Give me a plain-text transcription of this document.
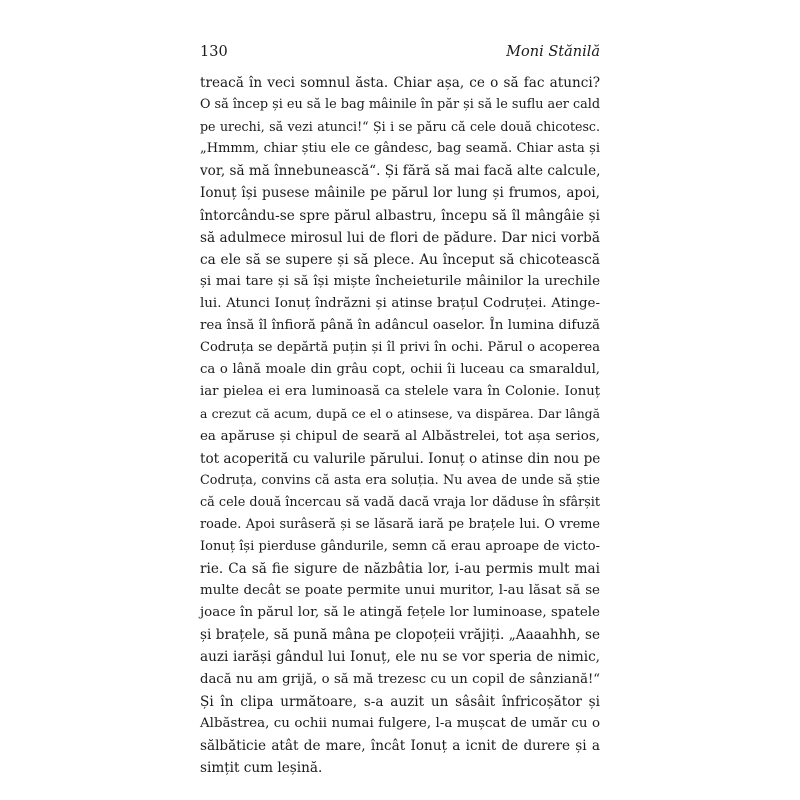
130	Moni Stănilă
treacă în veci somnul ăsta. Chiar așa, ce o să fac atunci?
O să încep și eu să le bag mâinile în păr și să le suflu aer cald
pe urechi, să vezi atunci!“ Și i se păru că cele două chicotesc.
„Hmmm, chiar știu ele ce gândesc, bag seamă. Chiar asta și
vor, să mă înnebunească“. Și fără să mai facă alte calcule,
Ionuț își pusese mâinile pe părul lor lung și frumos, apoi,
întorcându-se spre părul albastru, începu să îl mângâie și
să adulmece mirosul lui de flori de pădure. Dar nici vorbă
ca ele să se supere și să plece. Au început să chicotească
și mai tare și să își miște încheieturile mâinilor la urechile
lui. Atunci Ionuț îndrăzni și atinse brațul Codruței. Atinge-
rea însă îl înfioră până în adâncul oaselor. În lumina difuză
Codruța se depărtă puțin și îl privi în ochi. Părul o acoperea
ca o lână moale din grâu copt, ochii îi luceau ca smaraldul,
iar pielea ei era luminoasă ca stelele vara în Colonie. Ionuț
a crezut că acum, după ce el o atinsese, va dispărea. Dar lângă
ea apăruse și chipul de seară al Albăstrelei, tot așa serios,
tot acoperită cu valurile părului. Ionuț o atinse din nou pe
Codruța, convins că asta era soluția. Nu avea de unde să știe
că cele două încercau să vadă dacă vraja lor dăduse în sfârșit
roade. Apoi surâseră și se lăsară iară pe brațele lui. O vreme
Ionuț își pierduse gândurile, semn că erau aproape de victo-
rie. Ca să fie sigure de năzbâtia lor, i-au permis mult mai
multe decât se poate permite unui muritor, l-au lăsat să se
joace în părul lor, să le atingă fețele lor luminoase, spatele
și brațele, să pună mâna pe clopoțeii vrăjiți. „Aaaahhh, se
auzi iarăși gândul lui Ionuț, ele nu se vor speria de nimic,
dacă nu am grijă, o să mă trezesc cu un copil de sânziană!“
Și în clipa următoare, s-a auzit un sâsâit înfricoșător și
Albăstrea, cu ochii numai fulgere, l-a mușcat de umăr cu o
sălbăticie atât de mare, încât Ionuț a icnit de durere și a
simțit cum leșină.
